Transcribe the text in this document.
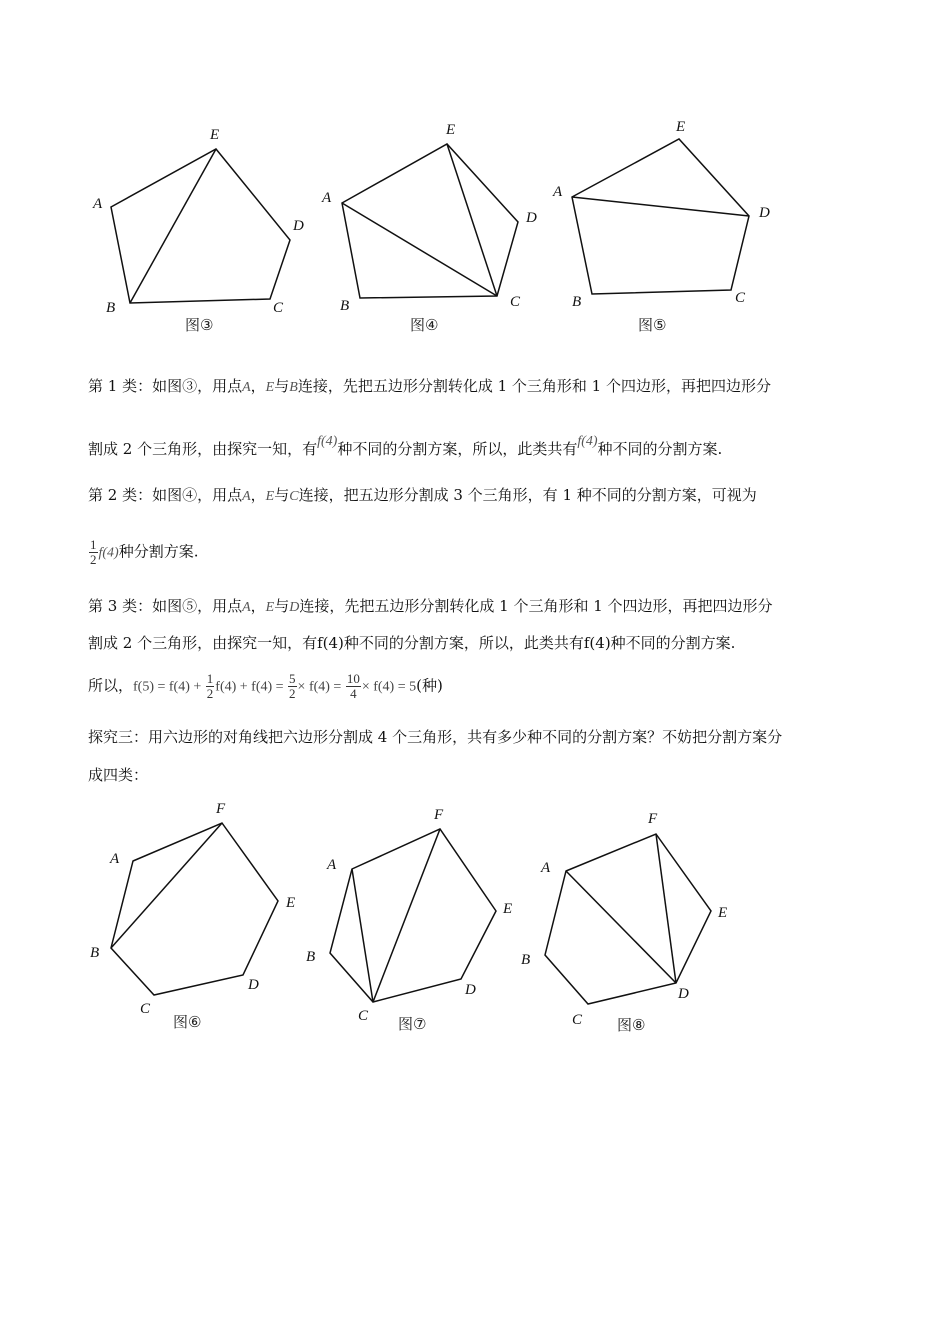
A
B	C
D
E
图③
A
B	C
D
E
图④
A
B	C
D
E
图⑤
第 1 类：如图③，用点A，E与B连接，先把五边形分割转化成 1 个三角形和 1 个四边形，再把四边形分
割成 2 个三角形，由探究一知，有f(4)种不同的分割方案，所以，此类共有f(4)种不同的分割方案.
第 2 类：如图④，用点A，E与C连接，把五边形分割成 3 个三角形，有 1 种不同的分割方案，可视为
$\frac{1}{2} f(4)$种分割方案.
第 3 类：如图⑤，用点A，E与D连接，先把五边形分割转化成 1 个三角形和 1 个四边形，再把四边形分
割成 2 个三角形，由探究一知，有f(4)种不同的分割方案，所以，此类共有f(4)种不同的分割方案.
所以，$f(5) = f(4) + \frac{1}{2} f(4) + f(4) = \frac{5}{2} \times f(4) = \frac{10}{4} \times f(4) = 5$(种)
探究三：用六边形的对角线把六边形分割成 4 个三角形，共有多少种不同的分割方案？不妨把分割方案分
成四类：
A
B
C
D
E
F
图⑥
A
B
C
D
E
F
图⑦
A
B
C
D
E
F
图⑧
